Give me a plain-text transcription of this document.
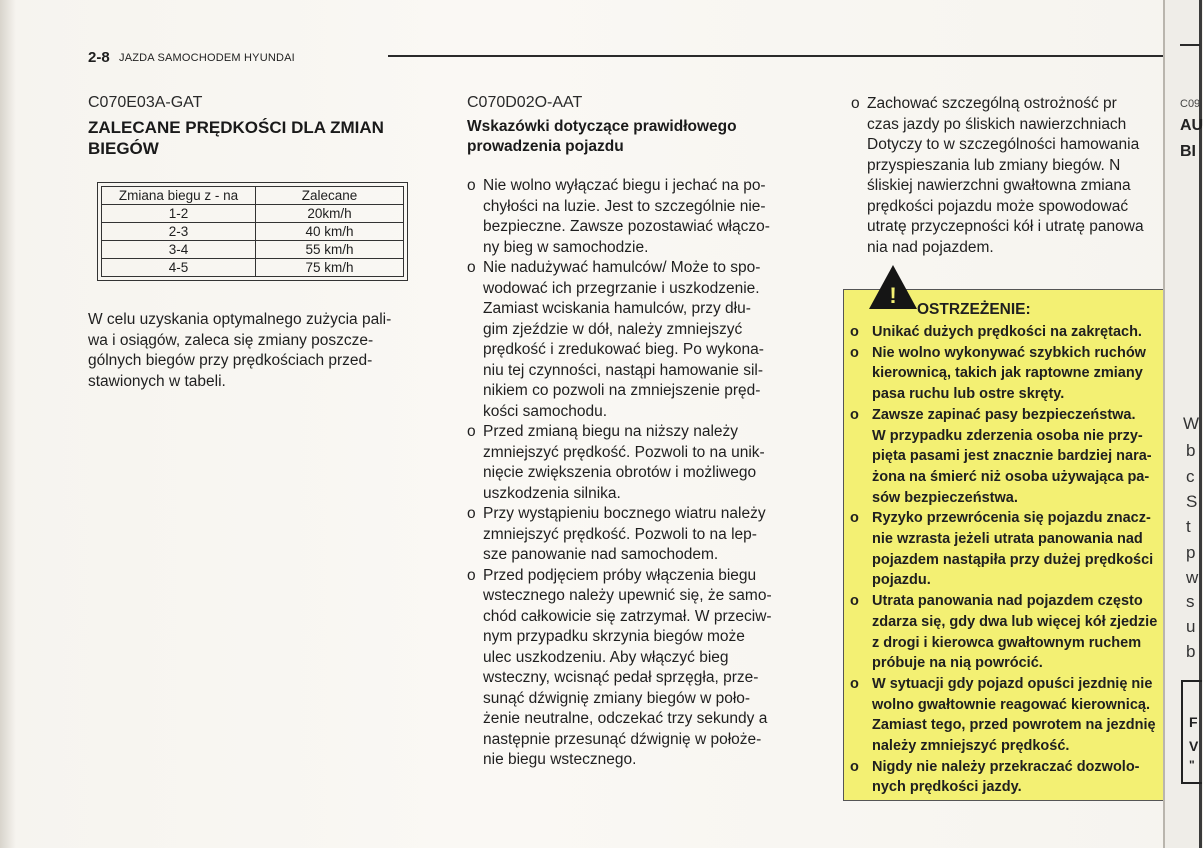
2-8 JAZDA SAMOCHODEM HYUNDAI
C070E03A-GAT
ZALECANE PRĘDKOŚCI DLA ZMIAN
BIEGÓW
Zmiana biegu z - na	Zalecane
1-2	20km/h
2-3	40 km/h
3-4	55 km/h
4-5	75 km/h
W celu uzyskania optymalnego zużycia pali-
wa i osiągów, zaleca się zmiany poszcze-
gólnych biegów przy prędkościach przed-
stawionych w tabeli.
C070D02O-AAT
Wskazówki dotyczące prawidłowego
prowadzenia pojazdu
o Nie wolno wyłączać biegu i jechać na po-
chyłości na luzie. Jest to szczególnie nie-
bezpieczne. Zawsze pozostawiać włączo-
ny bieg w samochodzie.
o Nie nadużywać hamulców/ Może to spo-
wodować ich przegrzanie i uszkodzenie.
Zamiast wciskania hamulców, przy dłu-
gim zjeździe w dół, należy zmniejszyć
prędkość i zredukować bieg. Po wykona-
niu tej czynności, nastąpi hamowanie sil-
nikiem co pozwoli na zmniejszenie pręd-
kości samochodu.
o Przed zmianą biegu na niższy należy
zmniejszyć prędkość. Pozwoli to na unik-
nięcie zwiększenia obrotów i możliwego
uszkodzenia silnika.
o Przy wystąpieniu bocznego wiatru należy
zmniejszyć prędkość. Pozwoli to na lep-
sze panowanie nad samochodem.
o Przed podjęciem próby włączenia biegu
wstecznego należy upewnić się, że samo-
chód całkowicie się zatrzymał. W przeciw-
nym przypadku skrzynia biegów może
ulec uszkodzeniu. Aby włączyć bieg
wsteczny, wcisnąć pedał sprzęgła, prze-
sunąć dźwignię zmiany biegów w poło-
żenie neutralne, odczekać trzy sekundy a
następnie przesunąć dźwignię w położe-
nie biegu wstecznego.
o Zachować szczególną ostrożność pr
czas jazdy po śliskich nawierzchniach
Dotyczy to w szczególności hamowania
przyspieszania lub zmiany biegów. N
śliskiej nawierzchni gwałtowna zmiana
prędkości pojazdu może spowodować
utratę przyczepności kół i utratę panowa
nia nad pojazdem.
!
OSTRZEŻENIE:
o Unikać dużych prędkości na zakrętach.
o Nie wolno wykonywać szybkich ruchów
kierownicą, takich jak raptowne zmiany
pasa ruchu lub ostre skręty.
o Zawsze zapinać pasy bezpieczeństwa.
W przypadku zderzenia osoba nie przy-
pięta pasami jest znacznie bardziej nara-
żona na śmierć niż osoba używająca pa-
sów bezpieczeństwa.
o Ryzyko przewrócenia się pojazdu znacz-
nie wzrasta jeżeli utrata panowania nad
pojazdem nastąpiła przy dużej prędkości
pojazdu.
o Utrata panowania nad pojazdem często
zdarza się, gdy dwa lub więcej kół zjedzie
z drogi i kierowca gwałtownym ruchem
próbuje na nią powrócić.
o W sytuacji gdy pojazd opuści jezdnię nie
wolno gwałtownie reagować kierownicą.
Zamiast tego, przed powrotem na jezdnię
należy zmniejszyć prędkość.
o Nigdy nie należy przekraczać dozwolo-
nych prędkości jazdy.
C09
AU
BI
W
b
c
S
t
p
w
s
u
b
F
V
"
